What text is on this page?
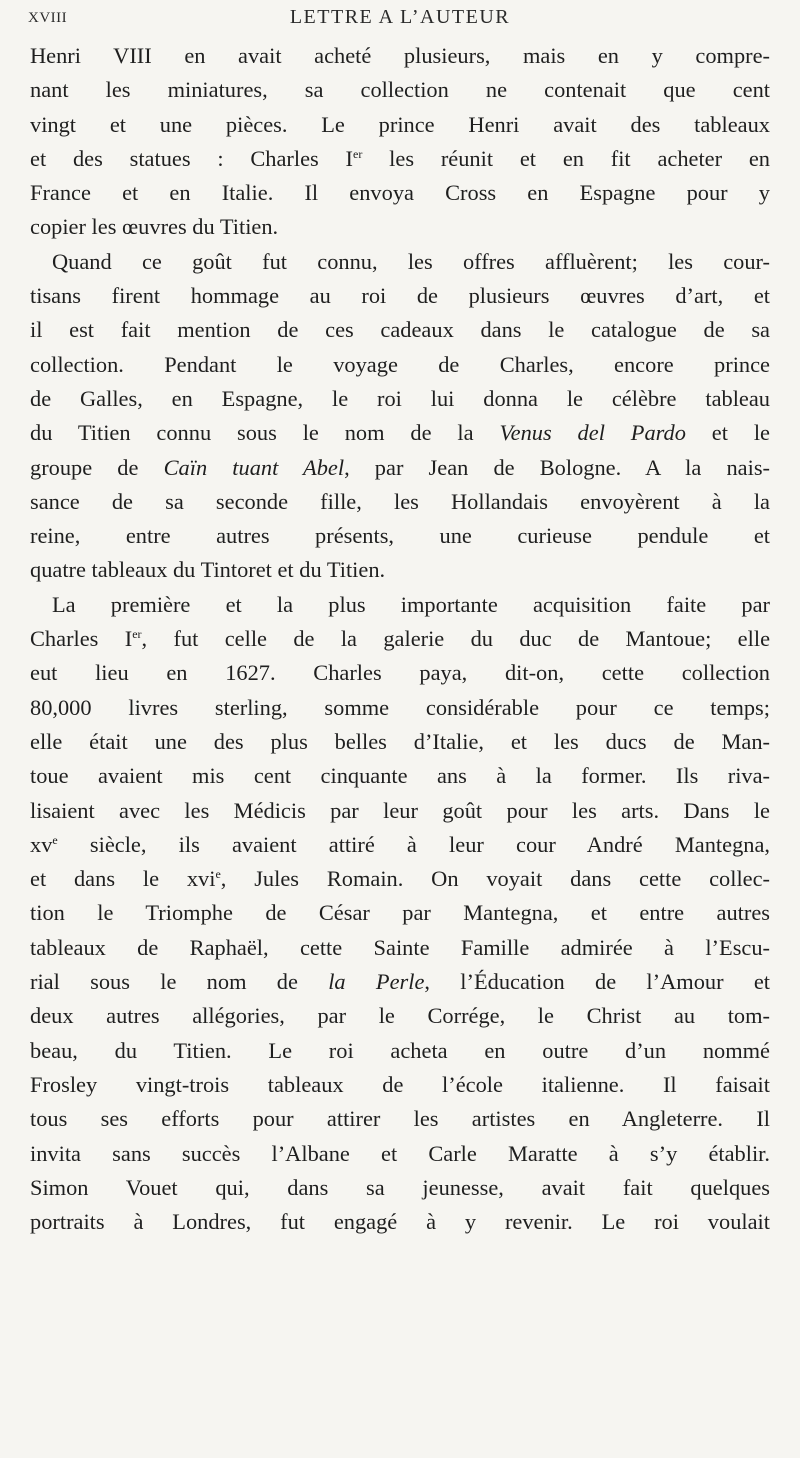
XVIII	LETTRE A L’AUTEUR
Henri VIII en avait acheté plusieurs, mais en y compre-
nant les miniatures, sa collection ne contenait que cent
vingt et une pièces. Le prince Henri avait des tableaux
et des statues : Charles Ier les réunit et en fit acheter en
France et en Italie. Il envoya Cross en Espagne pour y
copier les œuvres du Titien.
Quand ce goût fut connu, les offres affluèrent; les cour-
tisans firent hommage au roi de plusieurs œuvres d’art, et
il est fait mention de ces cadeaux dans le catalogue de sa
collection. Pendant le voyage de Charles, encore prince
de Galles, en Espagne, le roi lui donna le célèbre tableau
du Titien connu sous le nom de la Venus del Pardo et le
groupe de Caïn tuant Abel, par Jean de Bologne. A la nais-
sance de sa seconde fille, les Hollandais envoyèrent à la
reine, entre autres présents, une curieuse pendule et
quatre tableaux du Tintoret et du Titien.
La première et la plus importante acquisition faite par
Charles Ier, fut celle de la galerie du duc de Mantoue; elle
eut lieu en 1627. Charles paya, dit-on, cette collection
80,000 livres sterling, somme considérable pour ce temps;
elle était une des plus belles d’Italie, et les ducs de Man-
toue avaient mis cent cinquante ans à la former. Ils riva-
lisaient avec les Médicis par leur goût pour les arts. Dans le
$xv^e$ siècle, ils avaient attiré à leur cour André Mantegna,
et dans le xvi$^e$, Jules Romain. On voyait dans cette collec-
tion le Triomphe de César par Mantegna, et entre autres
tableaux de Raphaël, cette Sainte Famille admirée à l’Escu-
rial sous le nom de la Perle, l’Éducation de l’Amour et
deux autres allégories, par le Corrége, le Christ au tom-
beau, du Titien. Le roi acheta en outre d’un nommé
Frosley vingt-trois tableaux de l’école italienne. Il faisait
tous ses efforts pour attirer les artistes en Angleterre. Il
invita sans succès l’Albane et Carle Maratte à s’y établir.
Simon Vouet qui, dans sa jeunesse, avait fait quelques
portraits à Londres, fut engagé à y revenir. Le roi voulait
